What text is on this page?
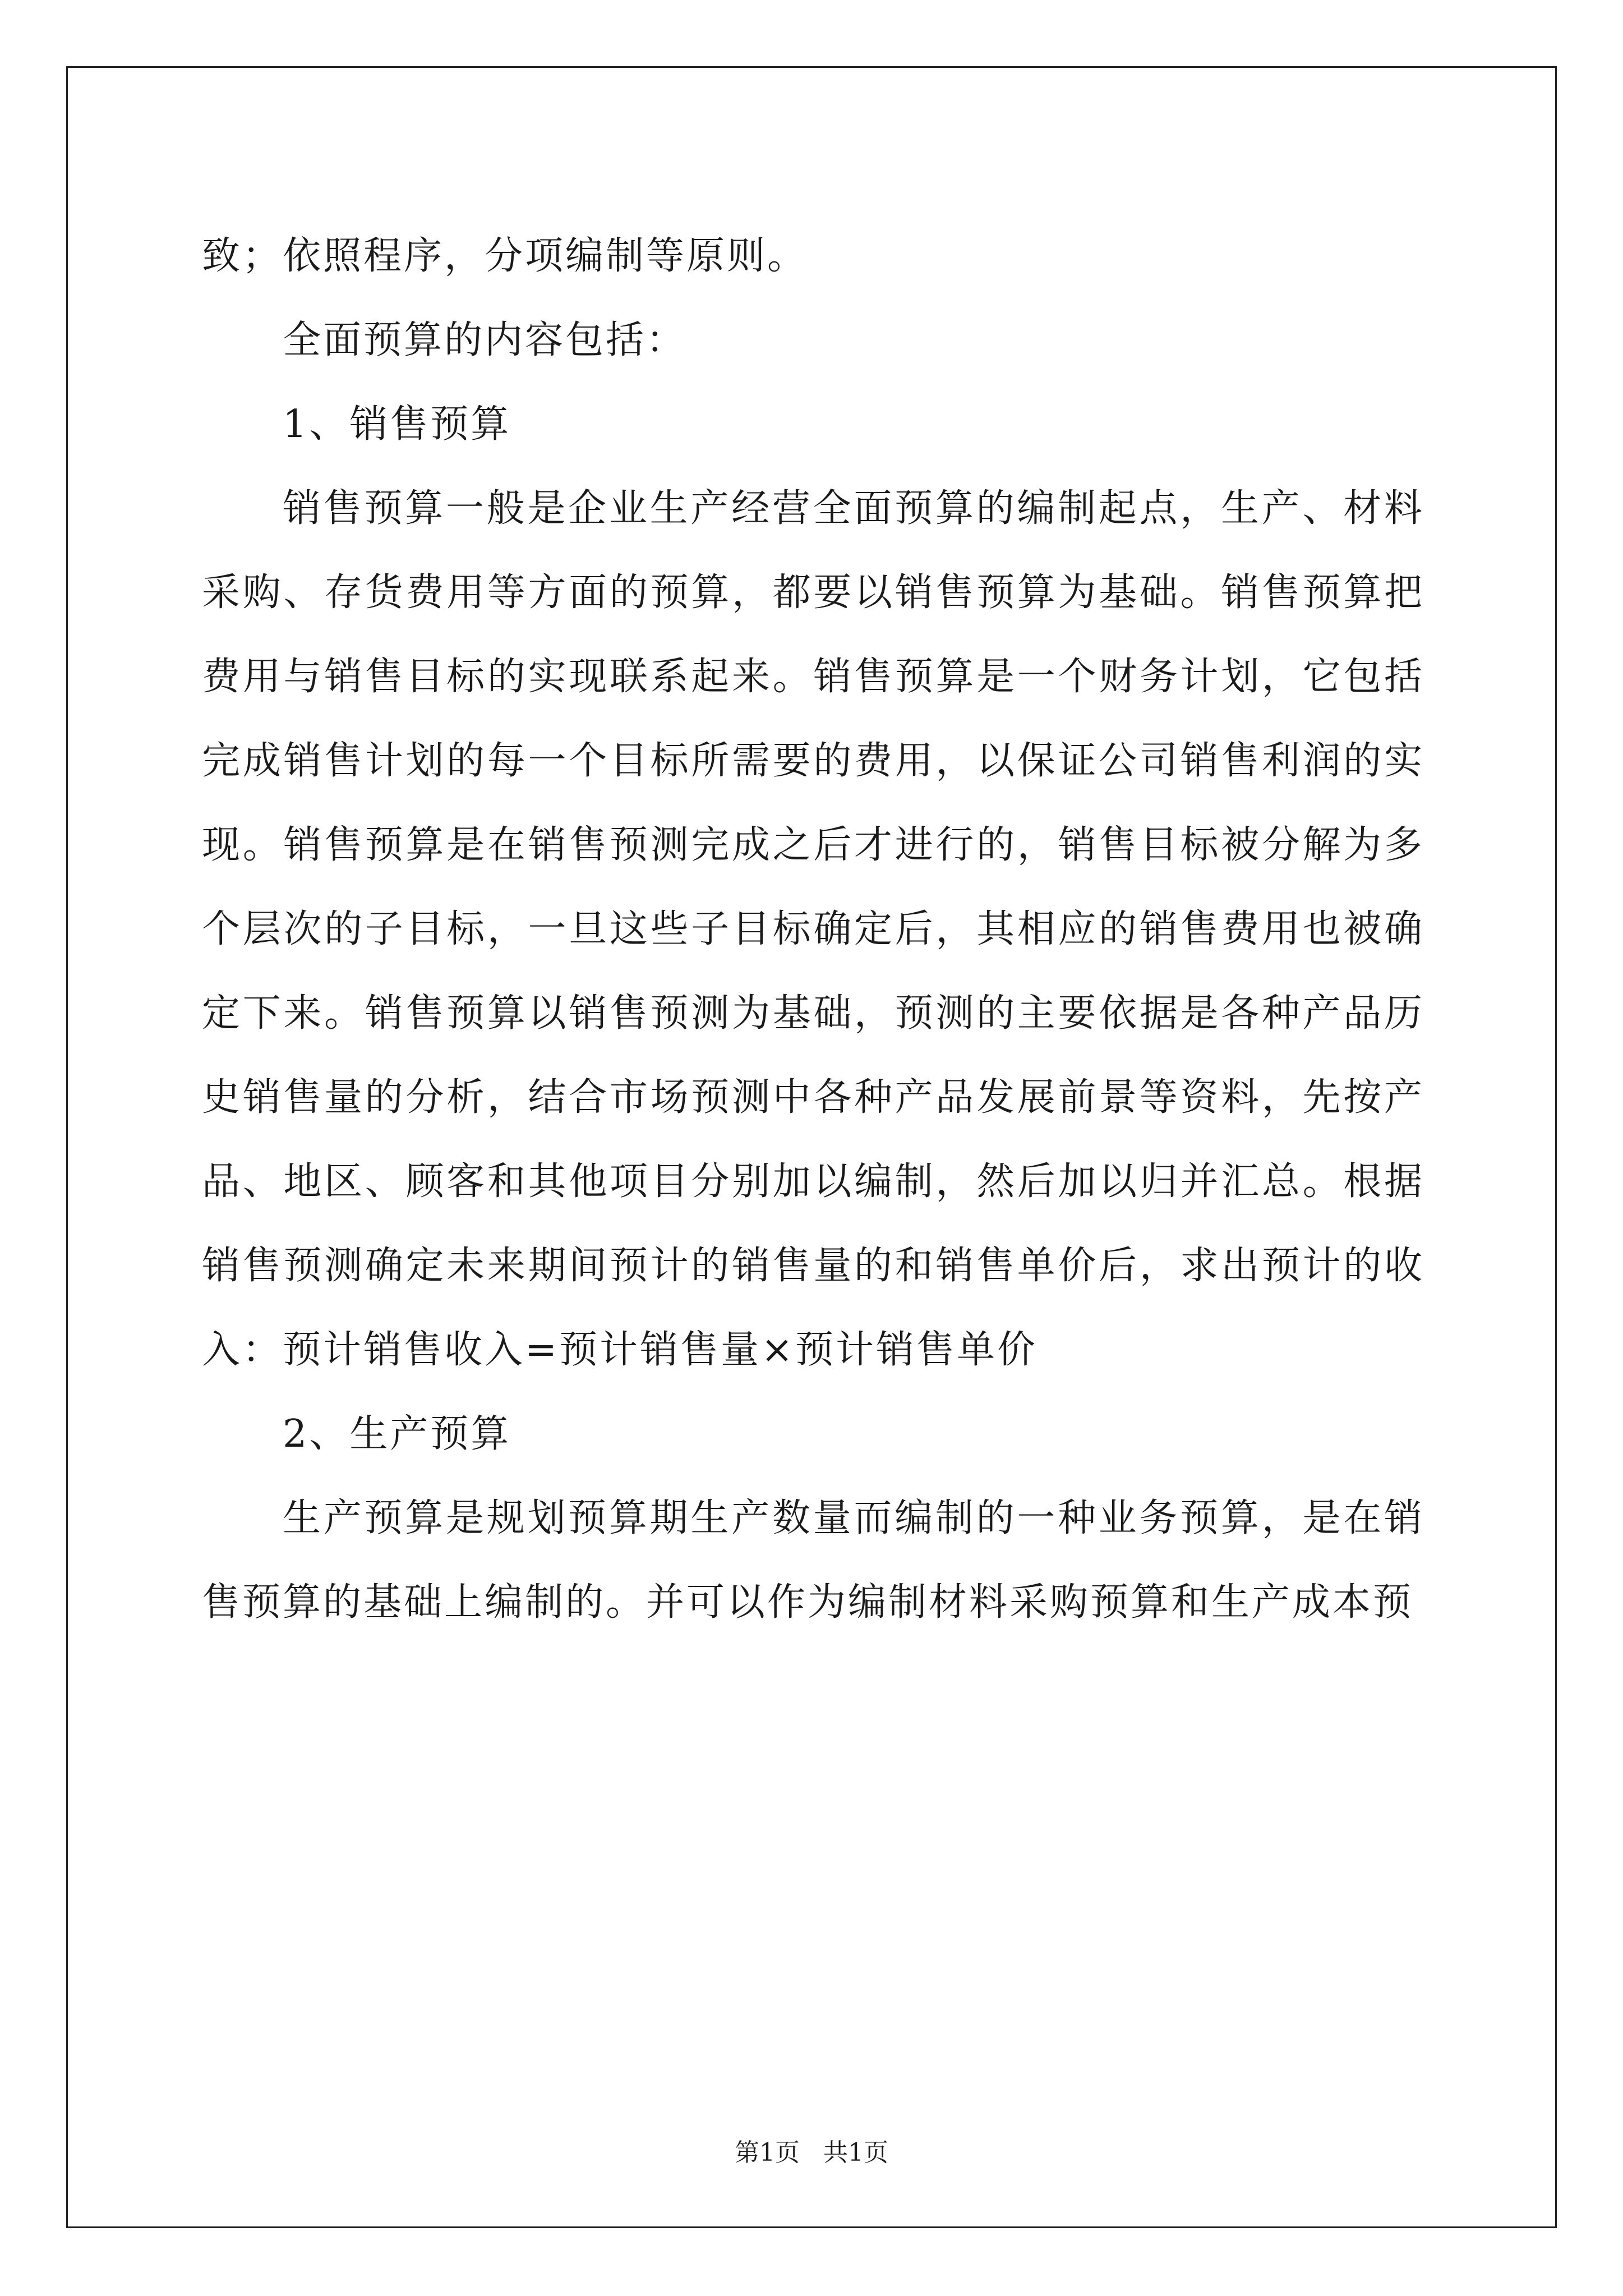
致；依照程序，分项编制等原则。

全面预算的内容包括：

1、销售预算

销售预算一般是企业生产经营全面预算的编制起点，生产、材料采购、存货费用等方面的预算，都要以销售预算为基础。销售预算把费用与销售目标的实现联系起来。销售预算是一个财务计划，它包括完成销售计划的每一个目标所需要的费用，以保证公司销售利润的实现。销售预算是在销售预测完成之后才进行的，销售目标被分解为多个层次的子目标，一旦这些子目标确定后，其相应的销售费用也被确定下来。销售预算以销售预测为基础，预测的主要依据是各种产品历史销售量的分析，结合市场预测中各种产品发展前景等资料，先按产品、地区、顾客和其他项目分别加以编制，然后加以归并汇总。根据销售预测确定未来期间预计的销售量的和销售单价后，求出预计的收入：预计销售收入=预计销售量×预计销售单价

2、生产预算

生产预算是规划预算期生产数量而编制的一种业务预算，是在销售预算的基础上编制的。并可以作为编制材料采购预算和生产成本预

第1页 共1页
